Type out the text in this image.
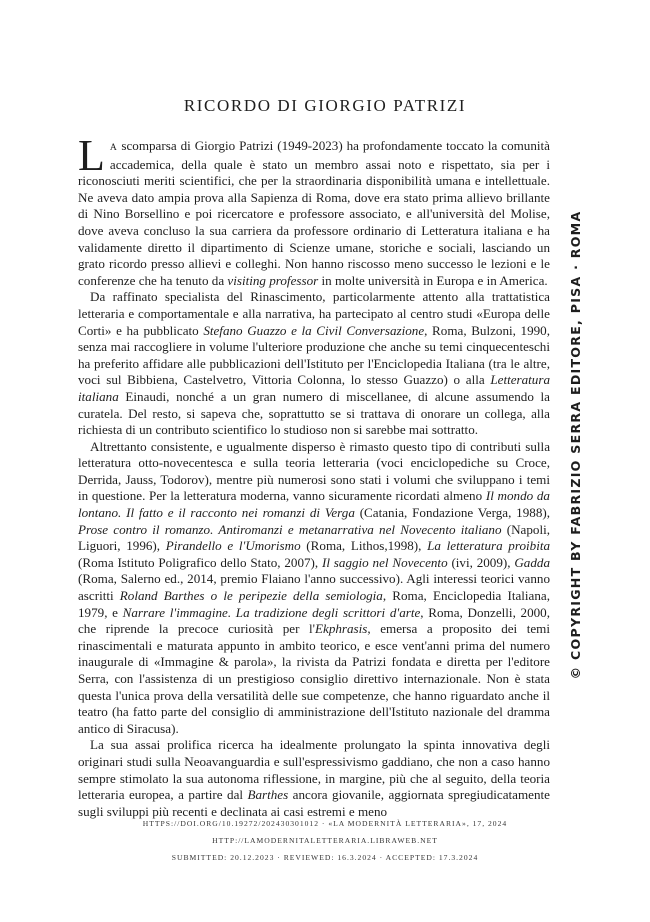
RICORDO DI GIORGIO PATRIZI

LA scomparsa di Giorgio Patrizi (1949-2023) ha profondamente toccato la comunità accademica, della quale è stato un membro assai noto e rispettato, sia per i riconosciuti meriti scientifici, che per la straordinaria disponibilità umana e intellettuale. Ne aveva dato ampia prova alla Sapienza di Roma, dove era stato prima allievo brillante di Nino Borsellino e poi ricercatore e professore associato, e all'università del Molise, dove aveva concluso la sua carriera da professore ordinario di Letteratura italiana e ha validamente diretto il dipartimento di Scienze umane, storiche e sociali, lasciando un grato ricordo presso allievi e colleghi. Non hanno riscosso meno successo le lezioni e le conferenze che ha tenuto da visiting professor in molte università in Europa e in America.

Da raffinato specialista del Rinascimento, particolarmente attento alla trattatistica letteraria e comportamentale e alla narrativa, ha partecipato al centro studi «Europa delle Corti» e ha pubblicato Stefano Guazzo e la Civil Conversazione, Roma, Bulzoni, 1990, senza mai raccogliere in volume l'ulteriore produzione che anche su temi cinquecenteschi ha preferito affidare alle pubblicazioni dell'Istituto per l'Enciclopedia Italiana (tra le altre, voci sul Bibbiena, Castelvetro, Vittoria Colonna, lo stesso Guazzo) o alla Letteratura italiana Einaudi, nonché a un gran numero di miscellanee, di alcune assumendo la curatela. Del resto, si sapeva che, soprattutto se si trattava di onorare un collega, alla richiesta di un contributo scientifico lo studioso non si sarebbe mai sottratto.

Altrettanto consistente, e ugualmente disperso è rimasto questo tipo di contributi sulla letteratura otto-novecentesca e sulla teoria letteraria (voci enciclopediche su Croce, Derrida, Jauss, Todorov), mentre più numerosi sono stati i volumi che sviluppano i temi in questione. Per la letteratura moderna, vanno sicuramente ricordati almeno Il mondo da lontano. Il fatto e il racconto nei romanzi di Verga (Catania, Fondazione Verga, 1988), Prose contro il romanzo. Antiromanzi e metanarrativa nel Novecento italiano (Napoli, Liguori, 1996), Pirandello e l'Umorismo (Roma, Lithos,1998), La letteratura proibita (Roma Istituto Poligrafico dello Stato, 2007), Il saggio nel Novecento (ivi, 2009), Gadda (Roma, Salerno ed., 2014, premio Flaiano l'anno successivo). Agli interessi teorici vanno ascritti Roland Barthes o le peripezie della semiologia, Roma, Enciclopedia Italiana, 1979, e Narrare l'immagine. La tradizione degli scrittori d'arte, Roma, Donzelli, 2000, che riprende la precoce curiosità per l'Ekphrasis, emersa a proposito dei temi rinascimentali e maturata appunto in ambito teorico, e esce vent'anni prima del numero inaugurale di «Immagine & parola», la rivista da Patrizi fondata e diretta per l'editore Serra, con l'assistenza di un prestigioso consiglio direttivo internazionale. Non è stata questa l'unica prova della versatilità delle sue competenze, che hanno riguardato anche il teatro (ha fatto parte del consiglio di amministrazione dell'Istituto nazionale del dramma antico di Siracusa).

La sua assai prolifica ricerca ha idealmente prolungato la spinta innovativa degli originari studi sulla Neoavanguardia e sull'espressivismo gaddiano, che non a caso hanno sempre stimolato la sua autonoma riflessione, in margine, più che al seguito, della teoria letteraria europea, a partire dal Barthes ancora giovanile, aggiornata spregiudicatamente sugli sviluppi più recenti e declinata ai casi estremi e meno

HTTPS://DOI.ORG/10.19272/202430301012 · «LA MODERNITÀ LETTERARIA», 17, 2024
HTTP://LAMODERNITALETTERARIA.LIBRAWEB.NET
SUBMITTED: 20.12.2023 · REVIEWED: 16.3.2024 · ACCEPTED: 17.3.2024
© COPYRIGHT BY FABRIZIO SERRA EDITORE, PISA · ROMA
